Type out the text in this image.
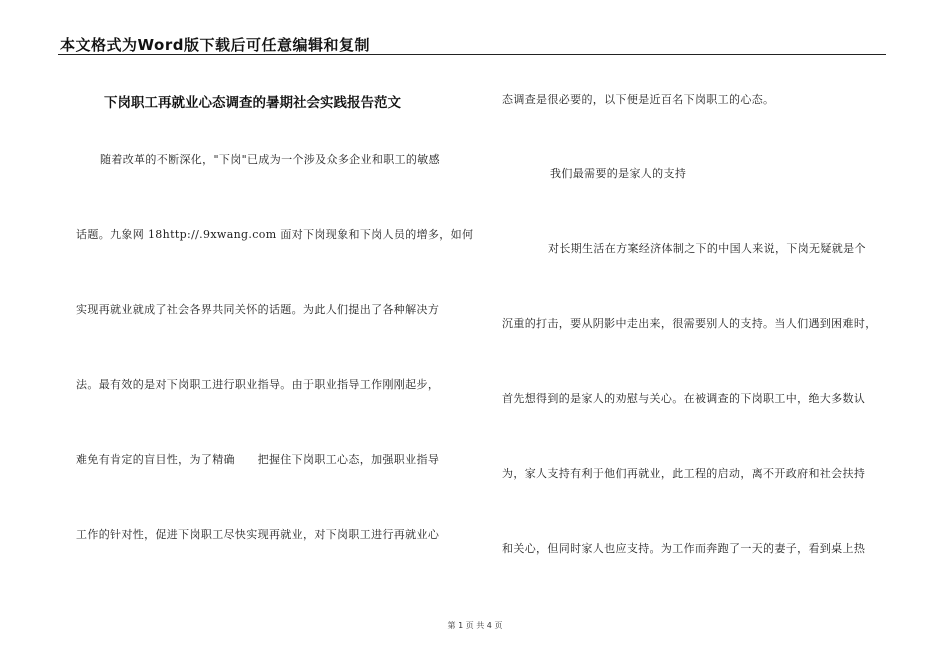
本文格式为Word版下载后可任意编辑和复制
下岗职工再就业心态调查的暑期社会实践报告范文
随着改革的不断深化，"下岗"已成为一个涉及众多企业和职工的敏感
话题。九象网 18http://.9xwang.com 面对下岗现象和下岗人员的增多，如何
实现再就业就成了社会各界共同关怀的话题。为此人们提出了各种解决方
法。最有效的是对下岗职工进行职业指导。由于职业指导工作刚刚起步，
难免有肯定的盲目性，为了精确　　把握住下岗职工心态，加强职业指导
工作的针对性，促进下岗职工尽快实现再就业，对下岗职工进行再就业心
态调查是很必要的，以下便是近百名下岗职工的心态。
我们最需要的是家人的支持
对长期生活在方案经济体制之下的中国人来说，下岗无疑就是个
沉重的打击，要从阴影中走出来，很需要别人的支持。当人们遇到困难时，
首先想得到的是家人的劝慰与关心。在被调查的下岗职工中，绝大多数认
为，家人支持有利于他们再就业，此工程的启动，离不开政府和社会扶持
和关心，但同时家人也应支持。为工作而奔跑了一天的妻子，看到桌上热
第 1 页 共 4 页
